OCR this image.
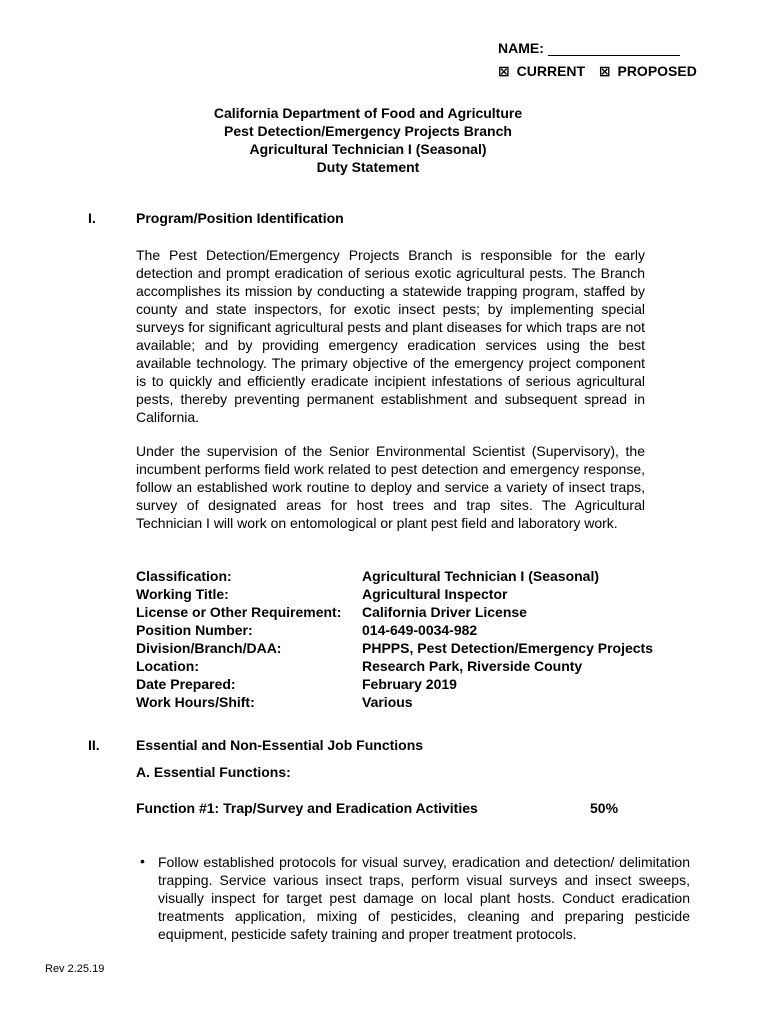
NAME:
⊠ CURRENT ⊠ PROPOSED
California Department of Food and Agriculture
Pest Detection/Emergency Projects Branch
Agricultural Technician I (Seasonal)
Duty Statement
I.	Program/Position Identification
The Pest Detection/Emergency Projects Branch is responsible for the early detection and prompt eradication of serious exotic agricultural pests. The Branch accomplishes its mission by conducting a statewide trapping program, staffed by county and state inspectors, for exotic insect pests; by implementing special surveys for significant agricultural pests and plant diseases for which traps are not available; and by providing emergency eradication services using the best available technology. The primary objective of the emergency project component is to quickly and efficiently eradicate incipient infestations of serious agricultural pests, thereby preventing permanent establishment and subsequent spread in California.
Under the supervision of the Senior Environmental Scientist (Supervisory), the incumbent performs field work related to pest detection and emergency response, follow an established work routine to deploy and service a variety of insect traps, survey of designated areas for host trees and trap sites. The Agricultural Technician I will work on entomological or plant pest field and laboratory work.
Classification:	Agricultural Technician I (Seasonal)
Working Title:	Agricultural Inspector
License or Other Requirement:	California Driver License
Position Number:	014-649-0034-982
Division/Branch/DAA:	PHPPS, Pest Detection/Emergency Projects
Location:	Research Park, Riverside County
Date Prepared:	February 2019
Work Hours/Shift:	Various
II.	Essential and Non-Essential Job Functions
A. Essential Functions:
Function #1: Trap/Survey and Eradication Activities	50%
• Follow established protocols for visual survey, eradication and detection/ delimitation trapping. Service various insect traps, perform visual surveys and insect sweeps, visually inspect for target pest damage on local plant hosts. Conduct eradication treatments application, mixing of pesticides, cleaning and preparing pesticide equipment, pesticide safety training and proper treatment protocols.
Rev 2.25.19
